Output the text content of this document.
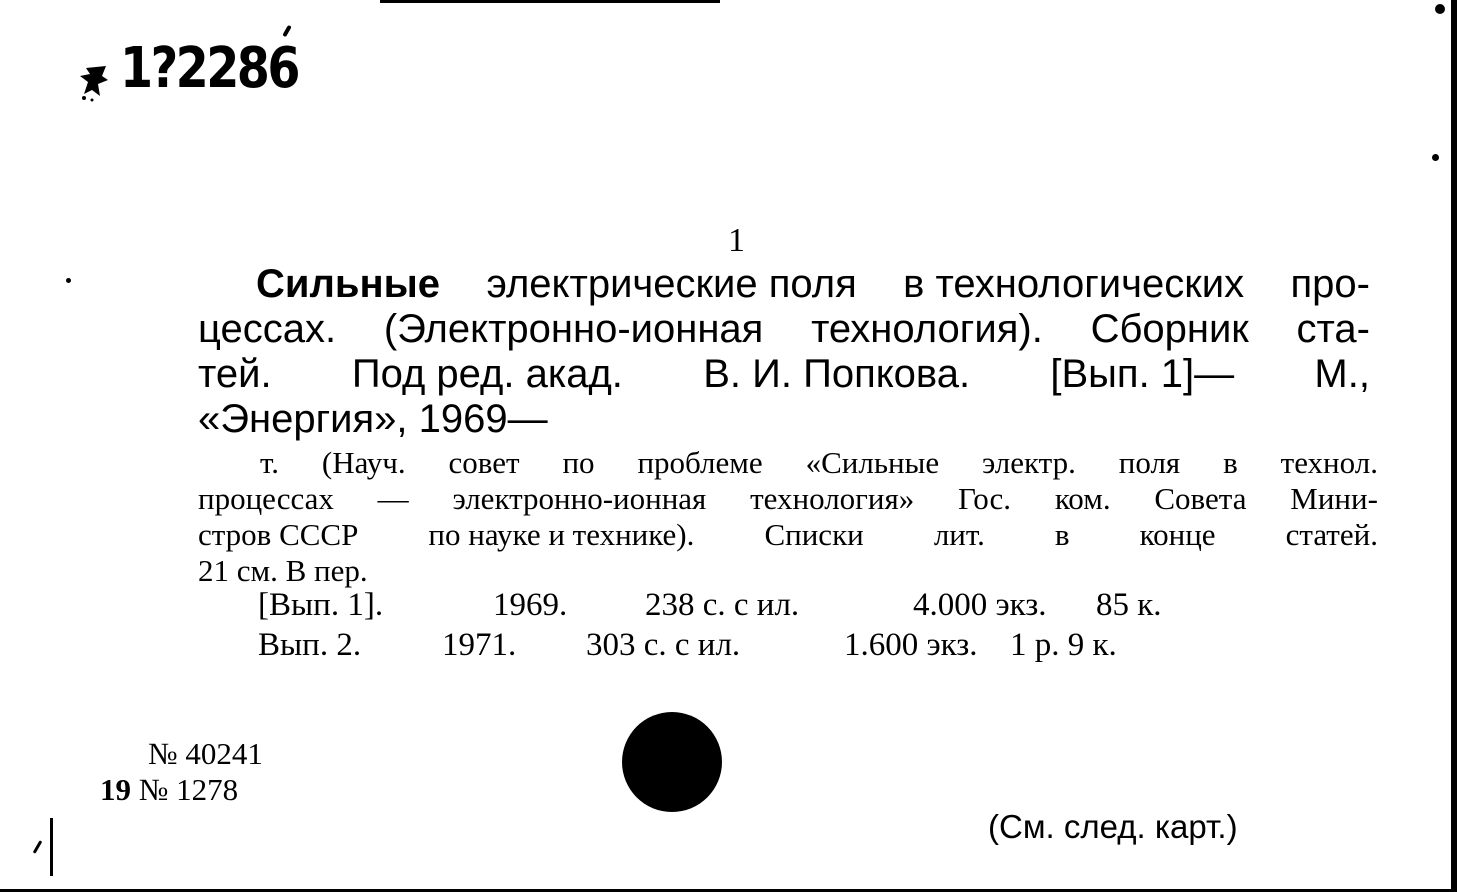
1?2286
1
Сильные электрические поля в технологических про-
цессах. (Электронно-ионная технология). Сборник ста-
тей. Под ред. акад. В. И. Попкова. [Вып. 1]— М.,
«Энергия», 1969—
т. (Науч. совет по проблеме «Сильные электр. поля в технол.
процессах — электронно-ионная технология» Гос. ком. Совета Мини-
стров СССР по науке и технике). Списки лит. в конце статей.
21 см. В пер.
[Вып. 1].	1969. 238 с. с ил.	4.000 экз. 85 к.
Вып. 2. 1971. 303 с. с ил.	1.600 экз. 1 р. 9 к.
№ 40241
19 № 1278
(См. след. карт.)
